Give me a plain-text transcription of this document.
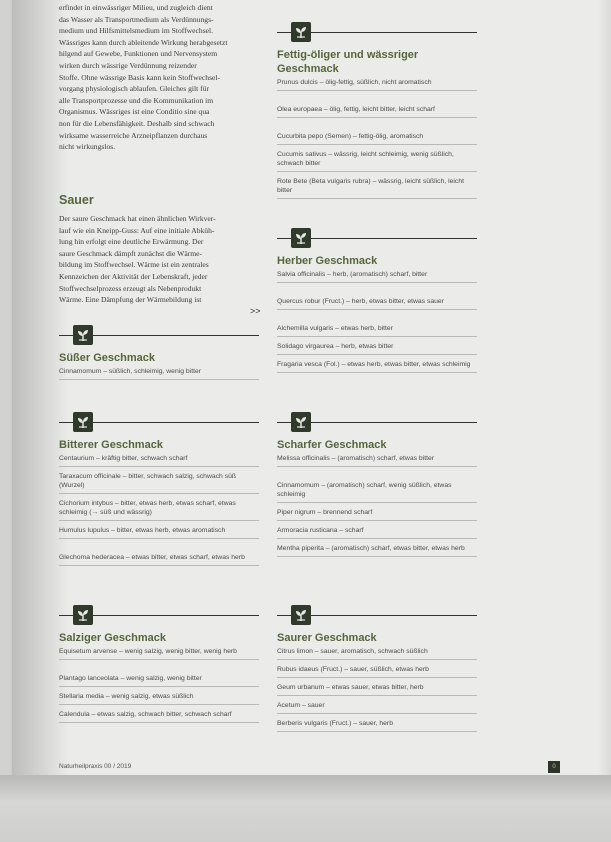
erfindet in einwässriger Milieu, und zugleich dient
das Wasser als Transportmedium als Verdünnungs-
medium und Hilfsmittelsmedium im Stoffwechsel.
Wässriges kann durch ableitende Wirkung herabgesetzt
hilgend auf Gewebe, Funktionen und Nervensystem
wirken durch wässrige Verdünnung reizender
Stoffe. Ohne wässrige Basis kann kein Stoffwechsel-
vorgang physiologisch ablaufen. Gleiches gilt für
alle Transportprozesse und die Kommunikation im
Organismus. Wässriges ist eine Conditio sine qua
non für die Lebensfähigkeit. Deshalb sind schwach
wirksame wasserreiche Arzneipflanzen durchaus
nicht wirkungslos.
Sauer
Der saure Geschmack hat einen ähnlichen Wirkver-
lauf wie ein Kneipp-Guss: Auf eine initiale Abküh-
lung hin erfolgt eine deutliche Erwärmung. Der
saure Geschmack dämpft zunächst die Wärme-
bildung im Stoffwechsel. Wärme ist ein zentrales
Kennzeichen der Aktivität der Lebenskraft, jeder
Stoffwechselprozess erzeugt als Nebenprodukt
Wärme. Eine Dämpfung der Wärmebildung ist
>>
Naturheilpraxis 00 / 2019	0
Süßer Geschmack
Cinnamomum – süßlich, schleimig, wenig bitter
Bitterer Geschmack
Centaurium – kräftig bitter, schwach scharf
Taraxacum officinale – bitter, schwach salzig, schwach süß (Wurzel)
Cichorium intybus – bitter, etwas herb, etwas scharf, etwas schleimig (→ süß und wässrig)
Humulus lupulus – bitter, etwas herb, etwas aromatisch
Glechoma hederacea – etwas bitter, etwas scharf, etwas herb
Salziger Geschmack
Equisetum arvense – wenig salzig, wenig bitter, wenig herb
Plantago lanceolata – wenig salzig, wenig bitter
Stellaria media – wenig salzig, etwas süßlich
Calendula – etwas salzig, schwach bitter, schwach scharf
Fettig-öliger und wässriger Geschmack
Prunus dulcis – ölig-fettig, süßlich, nicht aromatisch
Olea europaea – ölig, fettig, leicht bitter, leicht scharf
Cucurbita pepo (Semen) – fettig-ölig, aromatisch
Cucumis sativus – wässrig, leicht schleimig, wenig süßlich, schwach bitter
Rote Bete (Beta vulgaris rubra) – wässrig, leicht süßlich, leicht bitter
Herber Geschmack
Salvia officinalis – herb, (aromatisch) scharf, bitter
Quercus robur (Fruct.) – herb, etwas bitter, etwas sauer
Alchemilla vulgaris – etwas herb, bitter
Solidago virgaurea – herb, etwas bitter
Fragaria vesca (Fol.) – etwas herb, etwas bitter, etwas schleimig
Scharfer Geschmack
Melissa officinalis – (aromatisch) scharf, etwas bitter
Cinnamomum – (aromatisch) scharf, wenig süßlich, etwas schleimig
Piper nigrum – brennend scharf
Armoracia rusticana – scharf
Mentha piperita – (aromatisch) scharf, etwas bitter, etwas herb
Saurer Geschmack
Citrus limon – sauer, aromatisch, schwach süßlich
Rubus idaeus (Fruct.) – sauer, süßlich, etwas herb
Geum urbanum – etwas sauer, etwas bitter, herb
Acetum – sauer
Berberis vulgaris (Fruct.) – sauer, herb
